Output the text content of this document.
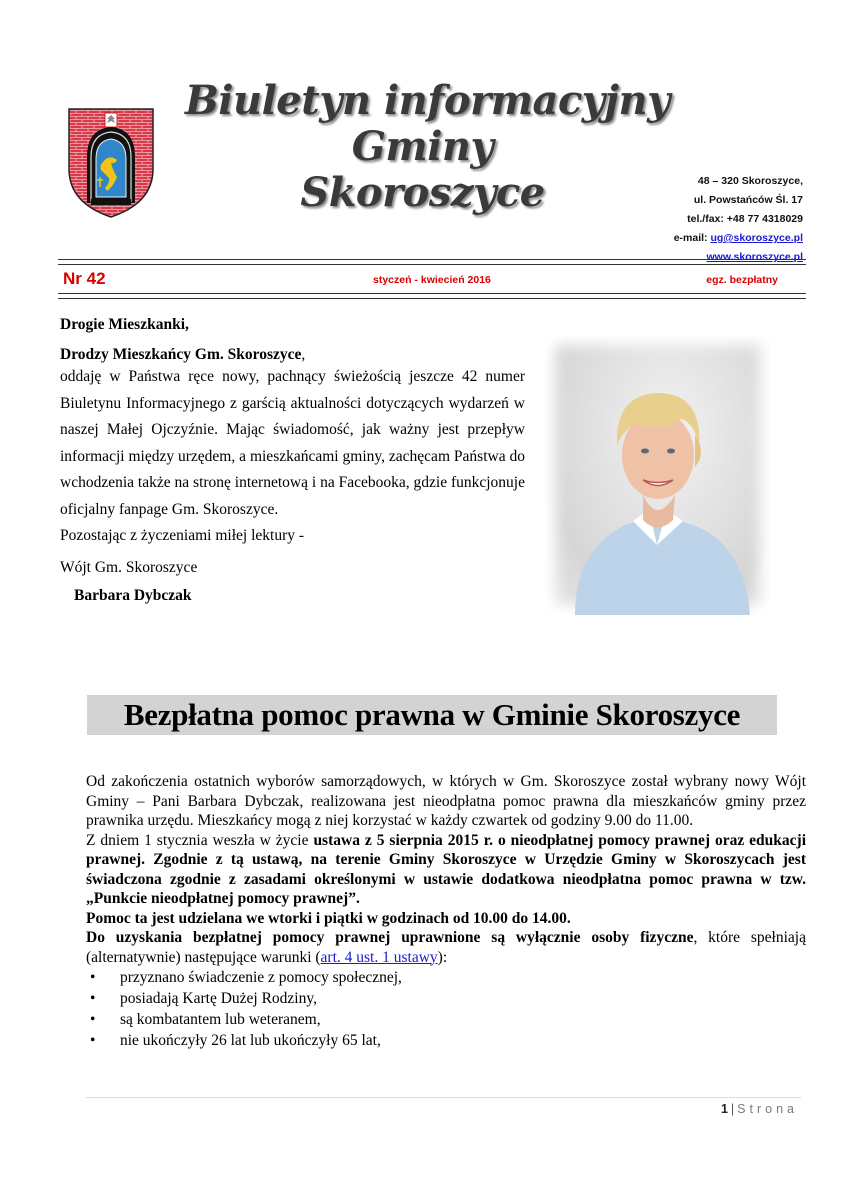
Biuletyn informacyjny
Gminy
Skoroszyce	48 – 320 Skoroszyce,
ul. Powstańców Śl. 17
tel./fax: +48 77 4318029
e-mail: ug@skoroszyce.pl
www.skoroszyce.pl
Nr 42	styczeń - kwiecień 2016	egz. bezpłatny
Drogie Mieszkanki,
Drodzy Mieszkańcy Gm. Skoroszyce,
oddaję w Państwa ręce nowy, pachnący świeżością jeszcze 42 numer Biuletynu Informacyjnego z garścią aktualności dotyczących wydarzeń w naszej Małej Ojczyźnie. Mając świadomość, jak ważny jest przepływ informacji między urzędem, a mieszkańcami gminy, zachęcam Państwa do wchodzenia także na stronę internetową i na Facebooka, gdzie funkcjonuje oficjalny fanpage Gm. Skoroszyce.
Pozostając z życzeniami miłej lektury -
Wójt Gm. Skoroszyce
Barbara Dybczak
Bezpłatna pomoc prawna w Gminie Skoroszyce

Od zakończenia ostatnich wyborów samorządowych, w których w Gm. Skoroszyce został wybrany nowy Wójt Gminy – Pani Barbara Dybczak, realizowana jest nieodpłatna pomoc prawna dla mieszkańców gminy przez prawnika urzędu. Mieszkańcy mogą z niej korzystać w każdy czwartek od godziny 9.00 do 11.00.

Z dniem 1 stycznia weszła w życie ustawa z 5 sierpnia 2015 r. o nieodpłatnej pomocy prawnej oraz edukacji prawnej. Zgodnie z tą ustawą, na terenie Gminy Skoroszyce w Urzędzie Gminy w Skoroszycach jest świadczona zgodnie z zasadami określonymi w ustawie dodatkowa nieodpłatna pomoc prawna w tzw. „Punkcie nieodpłatnej pomocy prawnej”.

Pomoc ta jest udzielana we wtorki i piątki w godzinach od 10.00 do 14.00.

Do uzyskania bezpłatnej pomocy prawnej uprawnione są wyłącznie osoby fizyczne, które spełniają (alternatywnie) następujące warunki (art. 4 ust. 1 ustawy):

• przyznano świadczenie z pomocy społecznej,
• posiadają Kartę Dużej Rodziny,
• są kombatantem lub weteranem,
• nie ukończyły 26 lat lub ukończyły 65 lat,
1 | Strona
